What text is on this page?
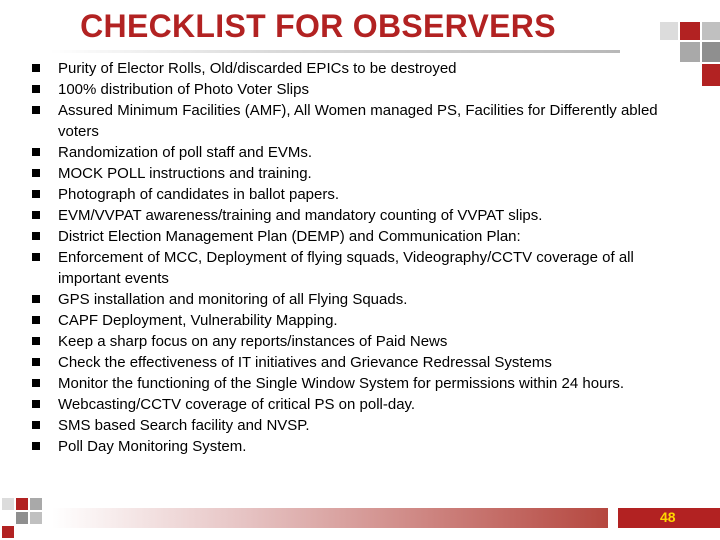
CHECKLIST FOR OBSERVERS
Purity of Elector Rolls, Old/discarded EPICs to be destroyed
100% distribution of Photo Voter Slips
Assured Minimum Facilities (AMF), All Women managed PS, Facilities for Differently abled voters
Randomization of poll staff and EVMs.
MOCK POLL instructions and training.
Photograph of candidates in ballot papers.
EVM/VVPAT awareness/training and mandatory counting of VVPAT slips.
District Election Management Plan (DEMP) and Communication Plan:
Enforcement of MCC, Deployment of flying squads, Videography/CCTV coverage of all important events
GPS installation and monitoring of all Flying Squads.
CAPF Deployment, Vulnerability Mapping.
Keep a sharp focus on any reports/instances of Paid News
Check the effectiveness of IT initiatives and Grievance Redressal Systems
Monitor the functioning of the Single Window System for permissions within 24 hours.
Webcasting/CCTV coverage of critical PS on poll-day.
SMS based Search facility and NVSP.
Poll Day Monitoring System.
48
